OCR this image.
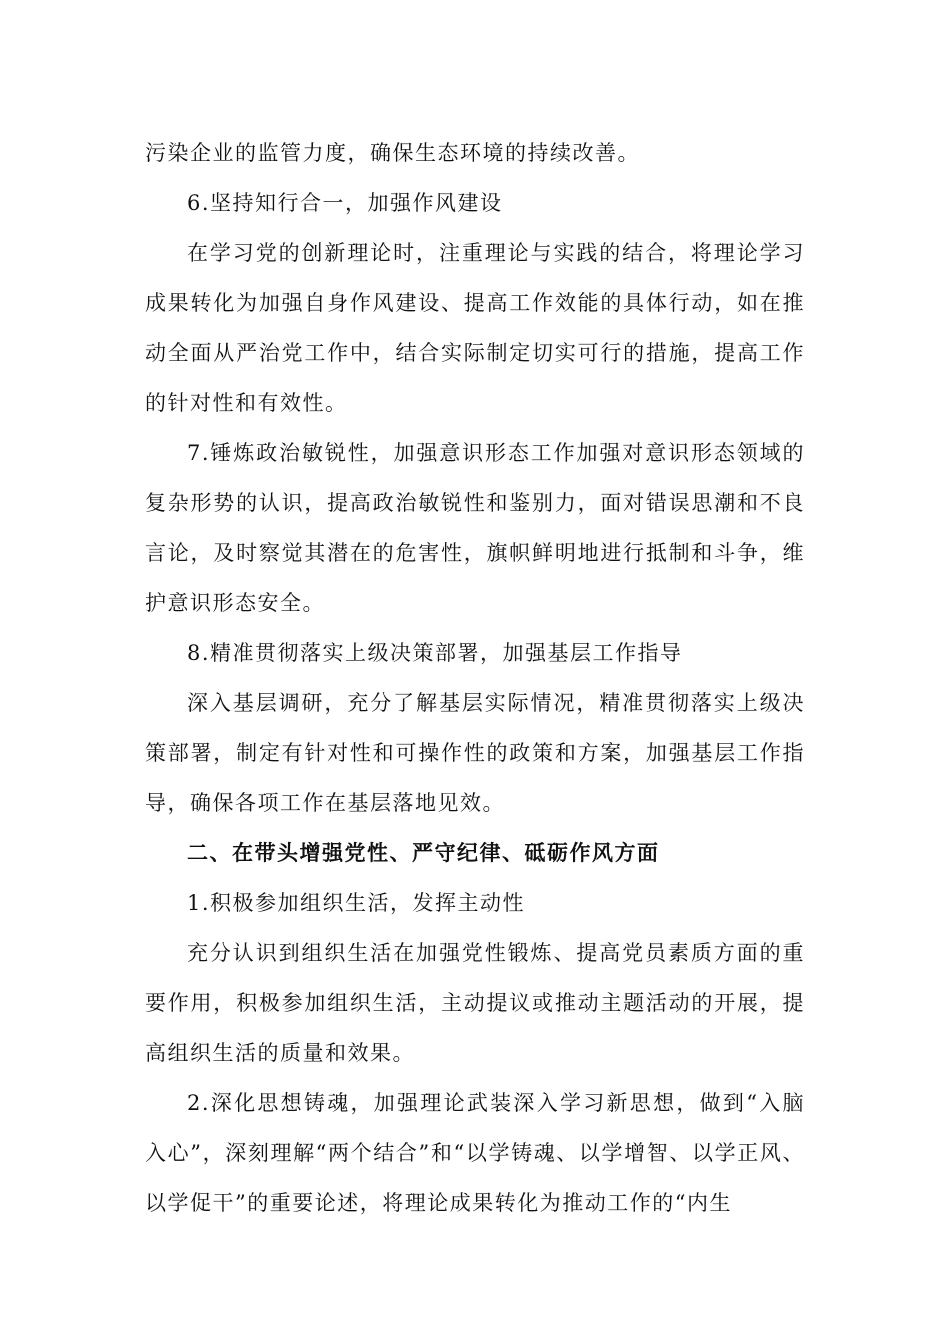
污染企业的监管力度，确保生态环境的持续改善。

6.坚持知行合一，加强作风建设

在学习党的创新理论时，注重理论与实践的结合，将理论学习成果转化为加强自身作风建设、提高工作效能的具体行动，如在推动全面从严治党工作中，结合实际制定切实可行的措施，提高工作的针对性和有效性。

7.锤炼政治敏锐性，加强意识形态工作加强对意识形态领域的复杂形势的认识，提高政治敏锐性和鉴别力，面对错误思潮和不良言论，及时察觉其潜在的危害性，旗帜鲜明地进行抵制和斗争，维护意识形态安全。

8.精准贯彻落实上级决策部署，加强基层工作指导

深入基层调研，充分了解基层实际情况，精准贯彻落实上级决策部署，制定有针对性和可操作性的政策和方案，加强基层工作指导，确保各项工作在基层落地见效。

二、在带头增强党性、严守纪律、砥砺作风方面

1.积极参加组织生活，发挥主动性

充分认识到组织生活在加强党性锻炼、提高党员素质方面的重要作用，积极参加组织生活，主动提议或推动主题活动的开展，提高组织生活的质量和效果。

2.深化思想铸魂，加强理论武装深入学习新思想，做到“入脑入心”，深刻理解“两个结合”和“以学铸魂、以学增智、以学正风、以学促干”的重要论述，将理论成果转化为推动工作的“内生
